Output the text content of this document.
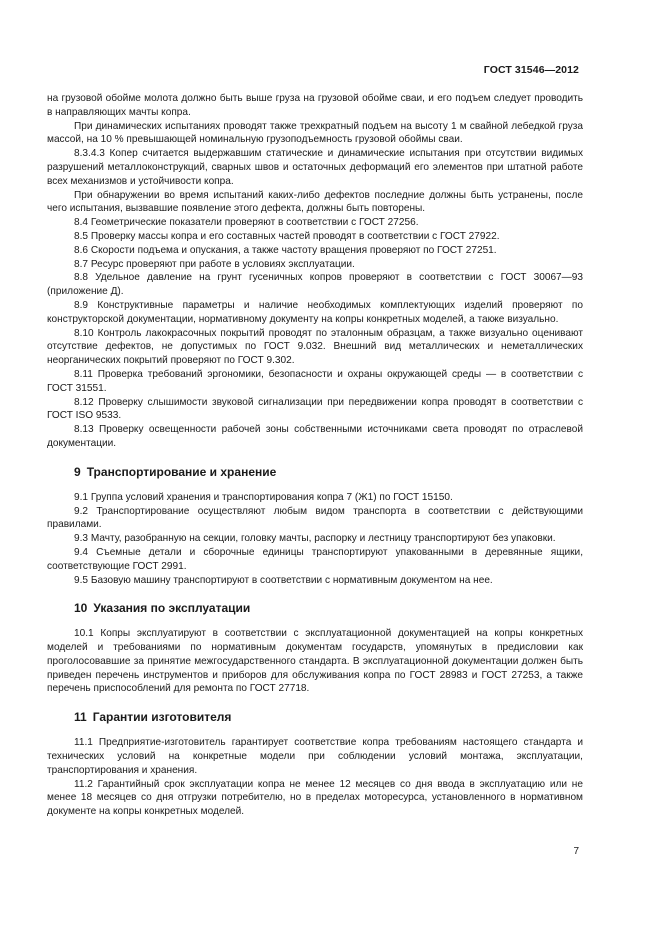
ГОСТ 31546—2012

на грузовой обойме молота должно быть выше груза на грузовой обойме сваи, и его подъем следует проводить в направляющих мачты копра.

При динамических испытаниях проводят также трехкратный подъем на высоту 1 м свайной лебедкой груза массой, на 10 % превышающей номинальную грузоподъемность грузовой обоймы сваи.

8.3.4.3 Копер считается выдержавшим статические и динамические испытания при отсутствии видимых разрушений металлоконструкций, сварных швов и остаточных деформаций его элементов при штатной работе всех механизмов и устойчивости копра.

При обнаружении во время испытаний каких-либо дефектов последние должны быть устранены, после чего испытания, вызвавшие появление этого дефекта, должны быть повторены.

8.4 Геометрические показатели проверяют в соответствии с ГОСТ 27256.

8.5 Проверку массы копра и его составных частей проводят в соответствии с ГОСТ 27922.

8.6 Скорости подъема и опускания, а также частоту вращения проверяют по ГОСТ 27251.

8.7 Ресурс проверяют при работе в условиях эксплуатации.

8.8 Удельное давление на грунт гусеничных копров проверяют в соответствии с ГОСТ 30067—93 (приложение Д).

8.9 Конструктивные параметры и наличие необходимых комплектующих изделий проверяют по конструкторской документации, нормативному документу на копры конкретных моделей, а также визуально.

8.10 Контроль лакокрасочных покрытий проводят по эталонным образцам, а также визуально оценивают отсутствие дефектов, не допустимых по ГОСТ 9.032. Внешний вид металлических и неметаллических неорганических покрытий проверяют по ГОСТ 9.302.

8.11 Проверка требований эргономики, безопасности и охраны окружающей среды — в соответствии с ГОСТ 31551.

8.12 Проверку слышимости звуковой сигнализации при передвижении копра проводят в соответствии с ГОСТ ISO 9533.

8.13 Проверку освещенности рабочей зоны собственными источниками света проводят по отраслевой документации.

9 Транспортирование и хранение

9.1 Группа условий хранения и транспортирования копра 7 (Ж1) по ГОСТ 15150.

9.2 Транспортирование осуществляют любым видом транспорта в соответствии с действующими правилами.

9.3 Мачту, разобранную на секции, головку мачты, распорку и лестницу транспортируют без упаковки.

9.4 Съемные детали и сборочные единицы транспортируют упакованными в деревянные ящики, соответствующие ГОСТ 2991.

9.5 Базовую машину транспортируют в соответствии с нормативным документом на нее.

10 Указания по эксплуатации

10.1 Копры эксплуатируют в соответствии с эксплуатационной документацией на копры конкретных моделей и требованиями по нормативным документам государств, упомянутых в предисловии как проголосовавшие за принятие межгосударственного стандарта. В эксплуатационной документации должен быть приведен перечень инструментов и приборов для обслуживания копра по ГОСТ 28983 и ГОСТ 27253, а также перечень приспособлений для ремонта по ГОСТ 27718.

11 Гарантии изготовителя

11.1 Предприятие-изготовитель гарантирует соответствие копра требованиям настоящего стандарта и технических условий на конкретные модели при соблюдении условий монтажа, эксплуатации, транспортирования и хранения.

11.2 Гарантийный срок эксплуатации копра не менее 12 месяцев со дня ввода в эксплуатацию или не менее 18 месяцев со дня отгрузки потребителю, но в пределах моторесурса, установленного в нормативном документе на копры конкретных моделей.

7
